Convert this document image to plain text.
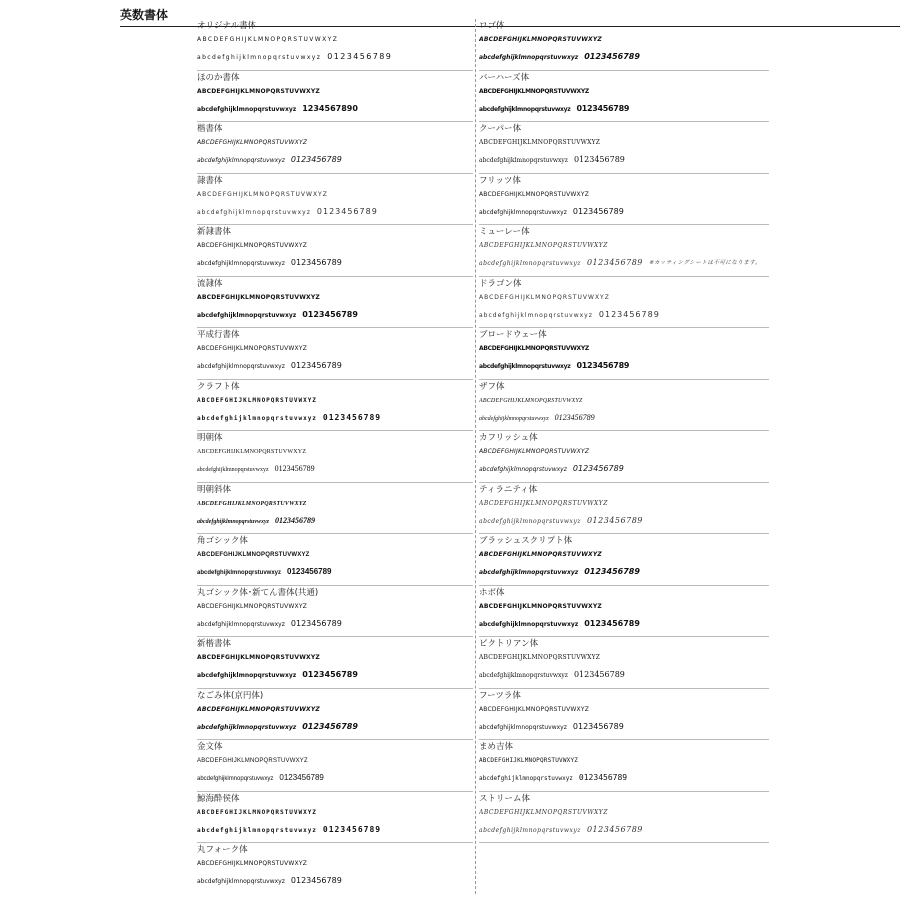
英数書体
オリジナル書体
ABCDEFGHIJKLMNOPQRSTUVWXYZ
abcdefghijklmnopqrstuvwxyz 0123456789
ほのか書体
ABCDEFGHIJKLMNOPQRSTUVWXYZ
abcdefghijklmnopqrstuvwxyz 1234567890
楷書体
ABCDEFGHIJKLMNOPQRSTUVWXYZ
abcdefghijklmnopqrstuvwxyz 0123456789
隷書体
ABCDEFGHIJKLMNOPQRSTUVWXYZ
abcdefghijklmnopqrstuvwxyz 0123456789
新隷書体
ABCDEFGHIJKLMNOPQRSTUVWXYZ
abcdefghijklmnopqrstuvwxyz 0123456789
流隷体
ABCDEFGHIJKLMNOPQRSTUVWXYZ
abcdefghijklmnopqrstuvwxyz 0123456789
平成行書体
ABCDEFGHIJKLMNOPQRSTUVWXYZ
abcdefghijklmnopqrstuvwxyz 0123456789
クラフト体
ABCDEFGHIJKLMNOPQRSTUVWXYZ
abcdefghijklmnopqrstuvwxyz 0123456789
明朝体
ABCDEFGHIJKLMNOPQRSTUVWXYZ
abcdefghijklmnopqrstuvwxyz 0123456789
明朝斜体
ABCDEFGHIJKLMNOPQRSTUVWXYZ
abcdefghijklmnopqrstuvwxyz 0123456789
角ゴシック体
ABCDEFGHIJKLMNOPQRSTUVWXYZ
abcdefghijklmnopqrstuvwxyz 0123456789
丸ゴシック体･新てん書体(共通)
ABCDEFGHIJKLMNOPQRSTUVWXYZ
abcdefghijklmnopqrstuvwxyz 0123456789
新楷書体
ABCDEFGHIJKLMNOPQRSTUVWXYZ
abcdefghijklmnopqrstuvwxyz 0123456789
なごみ体(京円体)
ABCDEFGHIJKLMNOPQRSTUVWXYZ
abcdefghijklmnopqrstuvwxyz 0123456789
金文体
ABCDEFGHIJKLMNOPQRSTUVWXYZ
abcdefghijklmnopqrstuvwxyz 0123456789
鯨海酔侯体
ABCDEFGHIJKLMNOPQRSTUVWXYZ
abcdefghijklmnopqrstuvwxyz 0123456789
丸フォーク体
ABCDEFGHIJKLMNOPQRSTUVWXYZ
abcdefghijklmnopqrstuvwxyz 0123456789
ロゴ体
ABCDEFGHIJKLMNOPQRSTUVWXYZ
abcdefghijklmnopqrstuvwxyz 0123456789
バーハーズ体
ABCDEFGHIJKLMNOPQRSTUVWXYZ
abcdefghijklmnopqrstuvwxyz 0123456789
クーパー体
ABCDEFGHIJKLMNOPQRSTUVWXYZ
abcdefghijklmnopqrstuvwxyz 0123456789
フリッツ体
ABCDEFGHIJKLMNOPQRSTUVWXYZ
abcdefghijklmnopqrstuvwxyz 0123456789
ミューレー体
ABCDEFGHIJKLMNOPQRSTUVWXYZ
abcdefghijklmnopqrstuvwxyz 0123456789 ※カッティングシートは不可になります。
ドラゴン体
ABCDEFGHIJKLMNOPQRSTUVWXYZ
abcdefghijklmnopqrstuvwxyz 0123456789
ブロードウェー体
ABCDEFGHIJKLMNOPQRSTUVWXYZ
abcdefghijklmnopqrstuvwxyz 0123456789
ザフ体
ABCDEFGHIJKLMNOPQRSTUVWXYZ
abcdefghijklmnopqrstuvwxyz 0123456789
カフリッシュ体
ABCDEFGHIJKLMNOPQRSTUVWXYZ
abcdefghijklmnopqrstuvwxyz 0123456789
ティラニティ体
ABCDEFGHIJKLMNOPQRSTUVWXYZ
abcdefghijklmnopqrstuvwxyz 0123456789
ブラッシュスクリプト体
ABCDEFGHIJKLMNOPQRSTUVWXYZ
abcdefghijklmnopqrstuvwxyz 0123456789
ホボ体
ABCDEFGHIJKLMNOPQRSTUVWXYZ
abcdefghijklmnopqrstuvwxyz 0123456789
ビクトリアン体
ABCDEFGHIJKLMNOPQRSTUVWXYZ
abcdefghijklmnopqrstuvwxyz 0123456789
フーツラ体
ABCDEFGHIJKLMNOPQRSTUVWXYZ
abcdefghijklmnopqrstuvwxyz 0123456789
まめ吉体
ABCDEFGHIJKLMNOPQRSTUVWXYZ
abcdefghijklmnopqrstuvwxyz 0123456789
ストリーム体
ABCDEFGHIJKLMNOPQRSTUVWXYZ
abcdefghijklmnopqrstuvwxyz 0123456789
